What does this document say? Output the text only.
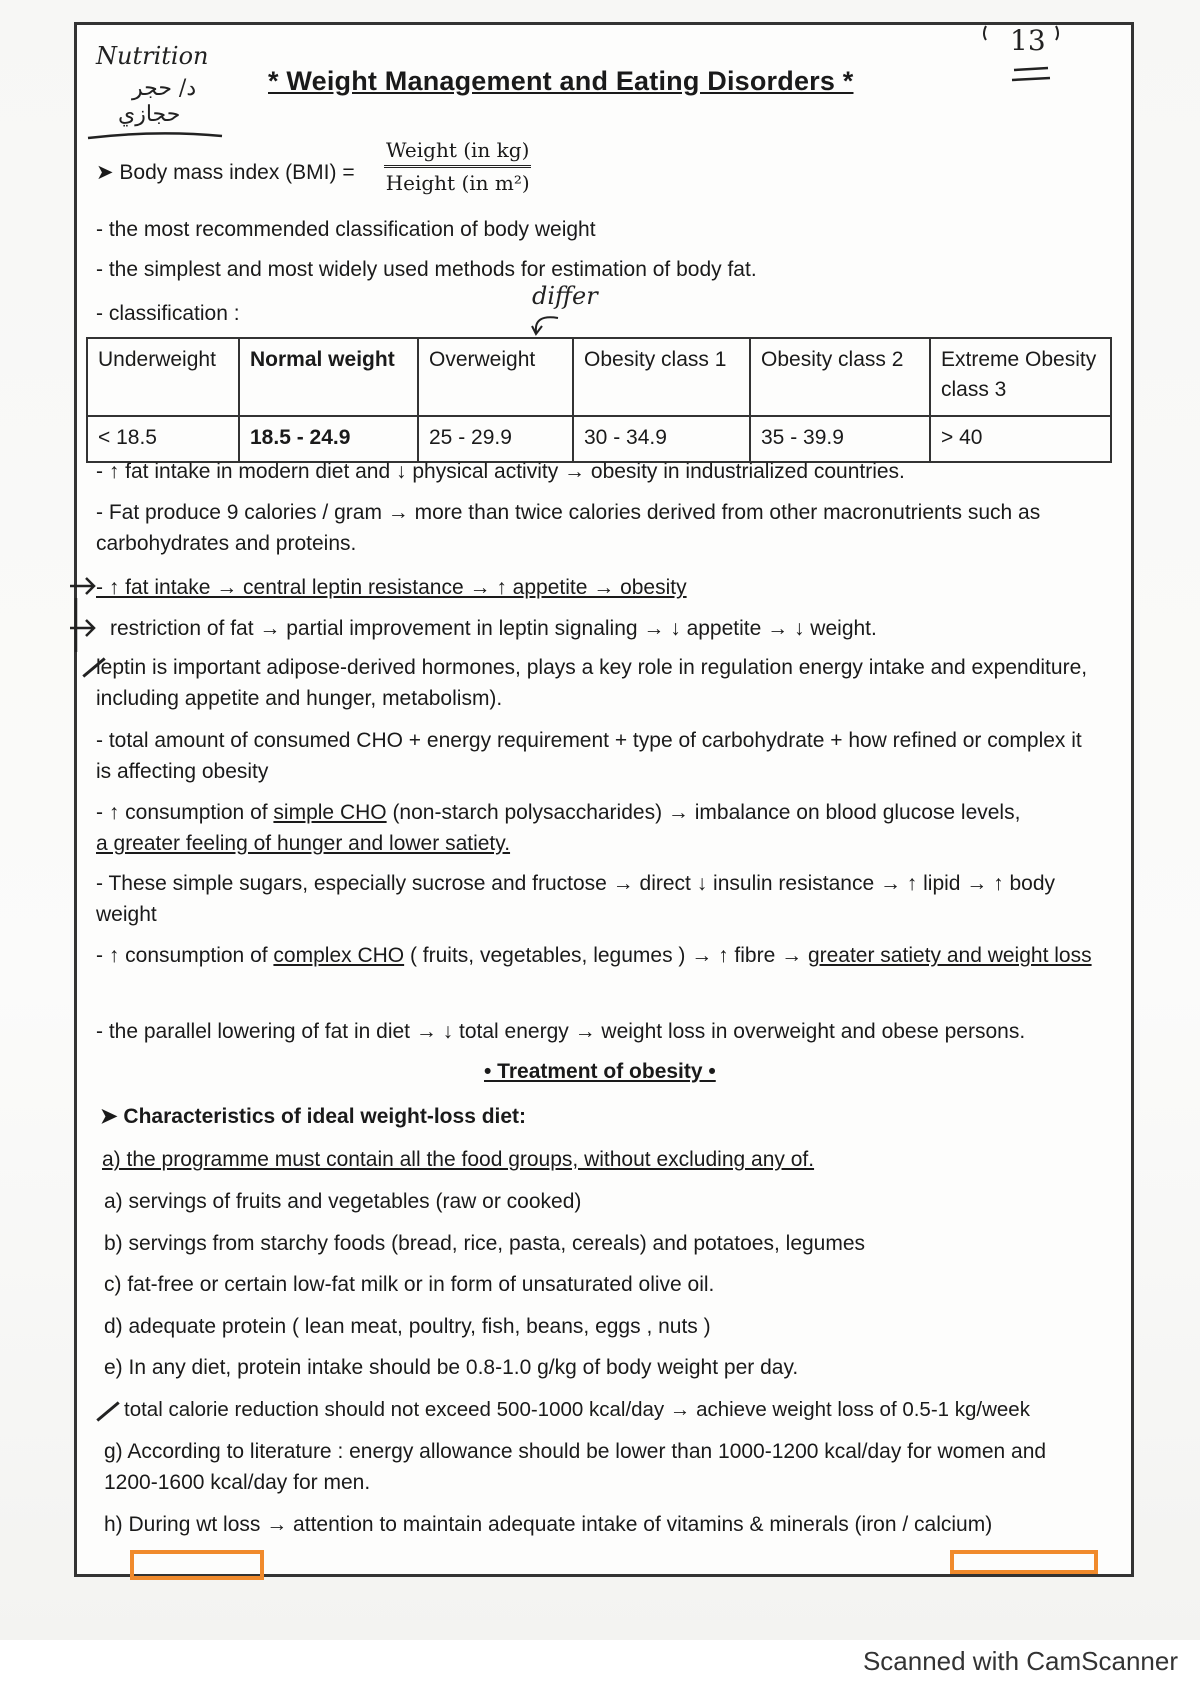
Nutrition
د/ حجر
حجازي
13
* Weight Management and Eating Disorders *
➤ Body mass index (BMI) =
Weight (in kg)
Height (in m²)
- the most recommended classification of body weight
- the simplest and most widely used methods for estimation of body fat.
- classification :
differ
Underweight	Normal weight	Overweight	Obesity class 1	Obesity class 2	Extreme Obesity class 3
< 18.5	18.5 - 24.9	25 - 29.9	30 - 34.9	35 - 39.9	> 40
- ↑ fat intake in modern diet and ↓ physical activity → obesity in industrialized countries.
- Fat produce 9 calories / gram → more than twice calories derived from other macronutrients such as carbohydrates and proteins.
- ↑ fat intake → central leptin resistance → ↑ appetite → obesity
restriction of fat → partial improvement in leptin signaling → ↓ appetite → ↓ weight.
leptin is important adipose-derived hormones, plays a key role in regulation energy intake and expenditure, including appetite and hunger, metabolism).
- total amount of consumed CHO + energy requirement + type of carbohydrate + how refined or complex it is affecting obesity
- ↑ consumption of simple CHO (non-starch polysaccharides) → imbalance on blood glucose levels,
a greater feeling of hunger and lower satiety.
- These simple sugars, especially sucrose and fructose → direct ↓ insulin resistance → ↑ lipid → ↑ body weight
- ↑ consumption of complex CHO ( fruits, vegetables, legumes ) → ↑ fibre → greater satiety and weight loss
- the parallel lowering of fat in diet → ↓ total energy → weight loss in overweight and obese persons.
• Treatment of obesity •
➤ Characteristics of ideal weight-loss diet:
a) the programme must contain all the food groups, without excluding any of.
a) servings of fruits and vegetables (raw or cooked)
b) servings from starchy foods (bread, rice, pasta, cereals) and potatoes, legumes
c) fat-free or certain low-fat milk or in form of unsaturated olive oil.
d) adequate protein ( lean meat, poultry, fish, beans, eggs , nuts )
e) In any diet, protein intake should be 0.8-1.0 g/kg of body weight per day.
total calorie reduction should not exceed 500-1000 kcal/day → achieve weight loss of 0.5-1 kg/week
g) According to literature : energy allowance should be lower than 1000-1200 kcal/day for women and 1200-1600 kcal/day for men.
h) During wt loss → attention to maintain adequate intake of vitamins & minerals (iron / calcium)
Scanned with CamScanner
